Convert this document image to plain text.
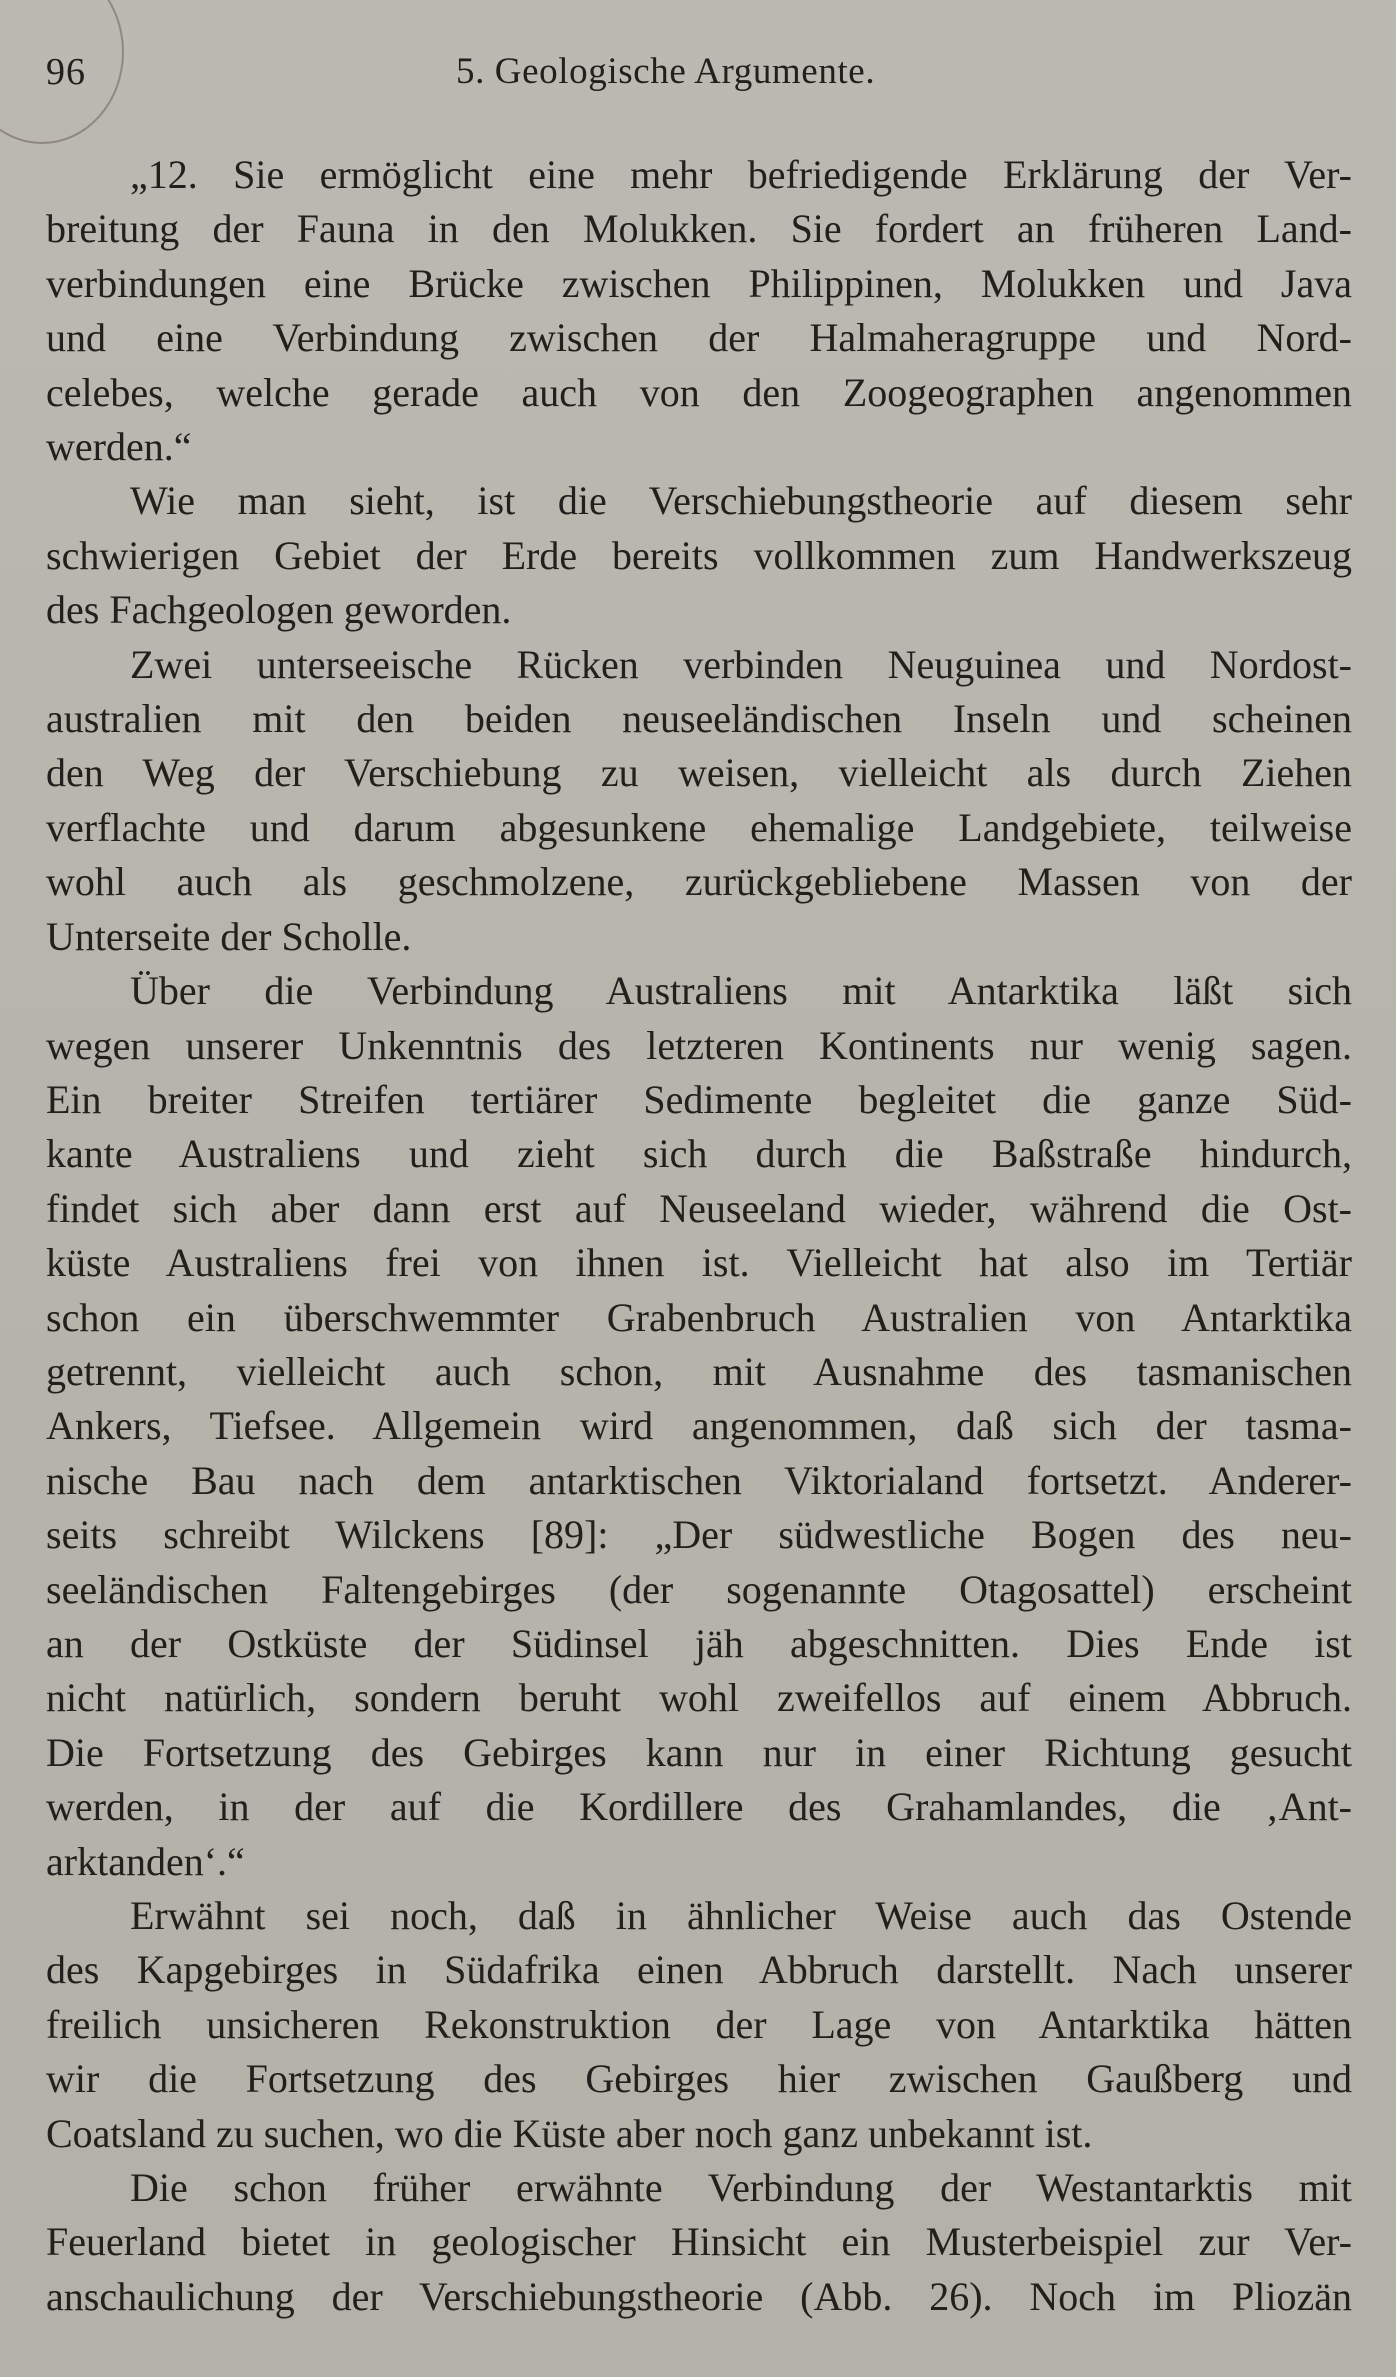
96	5. Geologische Argumente.
„12. Sie ermöglicht eine mehr befriedigende Erklärung der Ver-
breitung der Fauna in den Molukken. Sie fordert an früheren Land-
verbindungen eine Brücke zwischen Philippinen, Molukken und Java
und eine Verbindung zwischen der Halmaheragruppe und Nord-
celebes, welche gerade auch von den Zoogeographen angenommen
werden.“
Wie man sieht, ist die Verschiebungstheorie auf diesem sehr
schwierigen Gebiet der Erde bereits vollkommen zum Handwerkszeug
des Fachgeologen geworden.
Zwei unterseeische Rücken verbinden Neuguinea und Nordost-
australien mit den beiden neuseeländischen Inseln und scheinen
den Weg der Verschiebung zu weisen, vielleicht als durch Ziehen
verflachte und darum abgesunkene ehemalige Landgebiete, teilweise
wohl auch als geschmolzene, zurückgebliebene Massen von der
Unterseite der Scholle.
Über die Verbindung Australiens mit Antarktika läßt sich
wegen unserer Unkenntnis des letzteren Kontinents nur wenig sagen.
Ein breiter Streifen tertiärer Sedimente begleitet die ganze Süd-
kante Australiens und zieht sich durch die Baßstraße hindurch,
findet sich aber dann erst auf Neuseeland wieder, während die Ost-
küste Australiens frei von ihnen ist. Vielleicht hat also im Tertiär
schon ein überschwemmter Grabenbruch Australien von Antarktika
getrennt, vielleicht auch schon, mit Ausnahme des tasmanischen
Ankers, Tiefsee. Allgemein wird angenommen, daß sich der tasma-
nische Bau nach dem antarktischen Viktorialand fortsetzt. Anderer-
seits schreibt Wilckens [89]: „Der südwestliche Bogen des neu-
seeländischen Faltengebirges (der sogenannte Otagosattel) erscheint
an der Ostküste der Südinsel jäh abgeschnitten. Dies Ende ist
nicht natürlich, sondern beruht wohl zweifellos auf einem Abbruch.
Die Fortsetzung des Gebirges kann nur in einer Richtung gesucht
werden, in der auf die Kordillere des Grahamlandes, die ‚Ant-
arktanden‘.“
Erwähnt sei noch, daß in ähnlicher Weise auch das Ostende
des Kapgebirges in Südafrika einen Abbruch darstellt. Nach unserer
freilich unsicheren Rekonstruktion der Lage von Antarktika hätten
wir die Fortsetzung des Gebirges hier zwischen Gaußberg und
Coatsland zu suchen, wo die Küste aber noch ganz unbekannt ist.
Die schon früher erwähnte Verbindung der Westantarktis mit
Feuerland bietet in geologischer Hinsicht ein Musterbeispiel zur Ver-
anschaulichung der Verschiebungstheorie (Abb. 26). Noch im Pliozän
